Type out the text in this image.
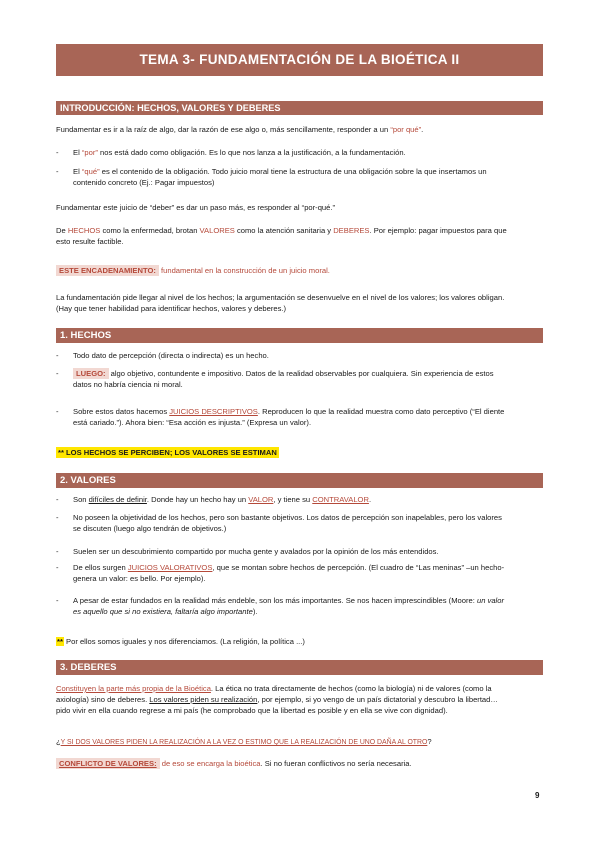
TEMA 3- FUNDAMENTACIÓN DE LA BIOÉTICA II
INTRODUCCIÓN: HECHOS, VALORES Y DEBERES
Fundamentar es ir a la raíz de algo, dar la razón de ese algo o, más sencillamente, responder a un “por qué”.
- El “por” nos está dado como obligación. Es lo que nos lanza a la justificación, a la fundamentación.
- El “qué” es el contenido de la obligación. Todo juicio moral tiene la estructura de una obligación sobre la que insertamos un
contenido concreto (Ej.: Pagar impuestos)
Fundamentar este juicio de “deber” es dar un paso más, es responder al “por-qué.”
De HECHOS como la enfermedad, brotan VALORES como la atención sanitaria y DEBERES. Por ejemplo: pagar impuestos para que
esto resulte factible.
ESTE ENCADENAMIENTO: fundamental en la construcción de un juicio moral.
La fundamentación pide llegar al nivel de los hechos; la argumentación se desenvuelve en el nivel de los valores; los valores obligan.
(Hay que tener habilidad para identificar hechos, valores y deberes.)
1. HECHOS
- Todo dato de percepción (directa o indirecta) es un hecho.
-	LUEGO: algo objetivo, contundente e impositivo. Datos de la realidad observables por cualquiera. Sin experiencia de estos
datos no habría ciencia ni moral.
- Sobre estos datos hacemos JUICIOS DESCRIPTIVOS. Reproducen lo que la realidad muestra como dato perceptivo (“El diente
está cariado.”). Ahora bien: “Esa acción es injusta.” (Expresa un valor).
** LOS HECHOS SE PERCIBEN; LOS VALORES SE ESTIMAN
2. VALORES
- Son difíciles de definir. Donde hay un hecho hay un VALOR, y tiene su CONTRAVALOR.
- No poseen la objetividad de los hechos, pero son bastante objetivos. Los datos de percepción son inapelables, pero los valores
se discuten (luego algo tendrán de objetivos.)
- Suelen ser un descubrimiento compartido por mucha gente y avalados por la opinión de los más entendidos.
- De ellos surgen JUICIOS VALORATIVOS, que se montan sobre hechos de percepción. (El cuadro de “Las meninas” –un hecho-
genera un valor: es bello. Por ejemplo).
- A pesar de estar fundados en la realidad más endeble, son los más importantes. Se nos hacen imprescindibles (Moore: un valor
es aquello que si no existiera, faltaría algo importante).
** Por ellos somos iguales y nos diferenciamos. (La religión, la política ...)
3. DEBERES
Constituyen la parte más propia de la Bioética. La ética no trata directamente de hechos (como la biología) ni de valores (como la
axiología) sino de deberes. Los valores piden su realización, por ejemplo, si yo vengo de un país dictatorial y descubro la libertad…
pido vivir en ella cuando regrese a mi país (he comprobado que la libertad es posible y en ella se vive con dignidad).
¿Y SI DOS VALORES PIDEN LA REALIZACIÓN A LA VEZ O ESTIMO QUE LA REALIZACIÓN DE UNO DAÑA AL OTRO?
CONFLICTO DE VALORES: de eso se encarga la bioética. Si no fueran conflictivos no sería necesaria.
9
